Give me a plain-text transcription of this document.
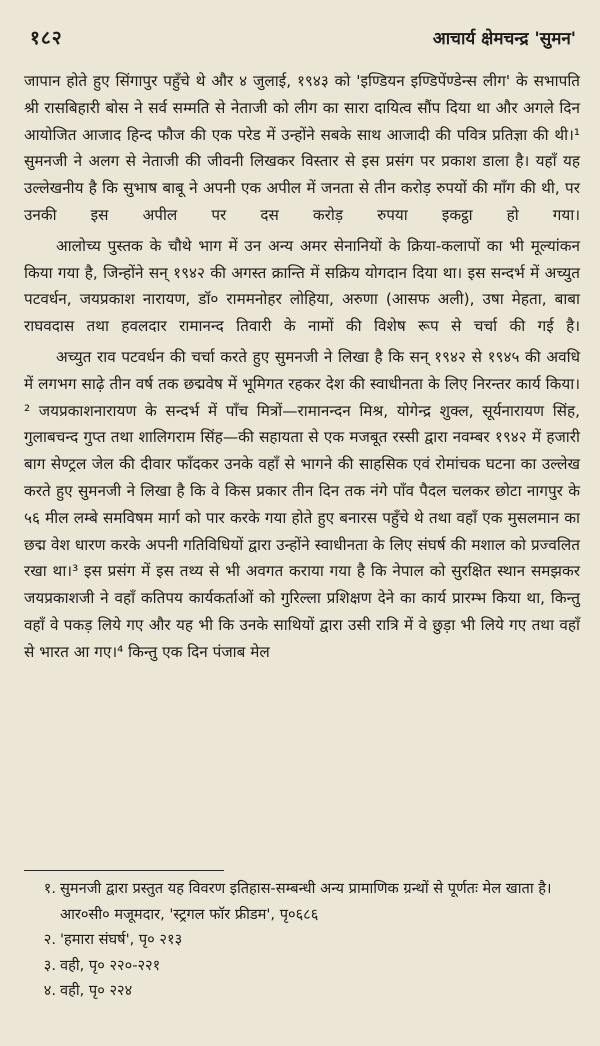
१८२	आचार्य क्षेमचन्द्र 'सुमन'

जापान होते हुए सिंगापुर पहुँचे थे और ४ जुलाई, १९४३ को 'इण्डियन इण्डिपेंण्डेन्स लीग' के सभापति श्री रासबिहारी बोस ने सर्व सम्मति से नेताजी को लीग का सारा दायित्व सौंप दिया था और अगले दिन आयोजित आजाद हिन्द फौज की एक परेड में उन्होंने सबके साथ आजादी की पवित्र प्रतिज्ञा की थी।¹ सुमनजी ने अलग से नेताजी की जीवनी लिखकर विस्तार से इस प्रसंग पर प्रकाश डाला है। यहाँ यह उल्लेखनीय है कि सुभाष बाबू ने अपनी एक अपील में जनता से तीन करोड़ रुपयों की माँग की थी, पर उनकी इस अपील पर दस करोड़ रुपया इकट्ठा हो गया।

आलोच्य पुस्तक के चौथे भाग में उन अन्य अमर सेनानियों के क्रिया-कलापों का भी मूल्यांकन किया गया है, जिन्होंने सन् १९४२ की अगस्त क्रान्ति में सक्रिय योगदान दिया था। इस सन्दर्भ में अच्युत पटवर्धन, जयप्रकाश नारायण, डॉ० राममनोहर लोहिया, अरुणा (आसफ अली), उषा मेहता, बाबा राघवदास तथा हवलदार रामानन्द तिवारी के नामों की विशेष रूप से चर्चा की गई है।

अच्युत राव पटवर्धन की चर्चा करते हुए सुमनजी ने लिखा है कि सन् १९४२ से १९४५ की अवधि में लगभग साढ़े तीन वर्ष तक छद्मवेष में भूमिगत रहकर देश की स्वाधीनता के लिए निरन्तर कार्य किया।² जयप्रकाशनारायण के सन्दर्भ में पाँच मित्रों—रामानन्दन मिश्र, योगेन्द्र शुक्ल, सूर्यनारायण सिंह, गुलाबचन्द गुप्त तथा शालिगराम सिंह—की सहायता से एक मजबूत रस्सी द्वारा नवम्बर १९४२ में हजारी बाग सेण्ट्रल जेल की दीवार फाँदकर उनके वहाँ से भागने की साहसिक एवं रोमांचक घटना का उल्लेख करते हुए सुमनजी ने लिखा है कि वे किस प्रकार तीन दिन तक नंगे पाँव पैदल चलकर छोटा नागपुर के ५६ मील लम्बे समविषम मार्ग को पार करके गया होते हुए बनारस पहुँचे थे तथा वहाँ एक मुसलमान का छद्म वेश धारण करके अपनी गतिविधियों द्वारा उन्होंने स्वाधीनता के लिए संघर्ष की मशाल को प्रज्वलित रखा था।³ इस प्रसंग में इस तथ्य से भी अवगत कराया गया है कि नेपाल को सुरक्षित स्थान समझकर जयप्रकाशजी ने वहाँ कतिपय कार्यकर्ताओं को गुरिल्ला प्रशिक्षण देने का कार्य प्रारम्भ किया था, किन्तु वहाँ वे पकड़ लिये गए और यह भी कि उनके साथियों द्वारा उसी रात्रि में वे छुड़ा भी लिये गए तथा वहाँ से भारत आ गए।⁴ किन्तु एक दिन पंजाब मेल

१. सुमनजी द्वारा प्रस्तुत यह विवरण इतिहास-सम्बन्धी अन्य प्रामाणिक ग्रन्थों से पूर्णतः मेल खाता है। आर०सी० मजूमदार, 'स्ट्रगल फॉर फ्रीडम', पृ०६८६
२. 'हमारा संघर्ष', पृ० २१३
३. वही, पृ० २२०-२२१
४. वही, पृ० २२४
